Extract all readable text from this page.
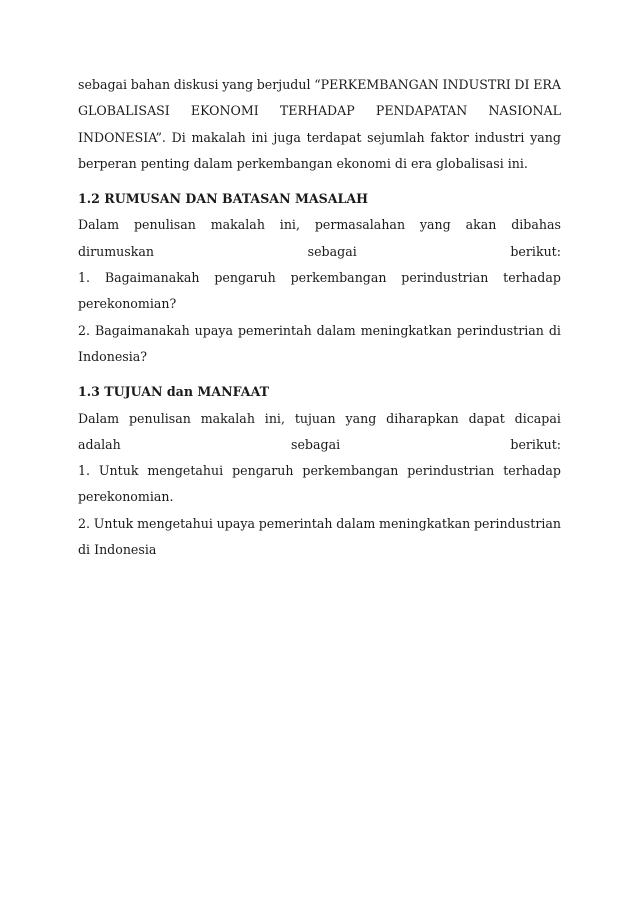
sebagai bahan diskusi yang berjudul “PERKEMBANGAN INDUSTRI DI ERA
GLOBALISASI EKONOMI TERHADAP PENDAPATAN NASIONAL
INDONESIA”. Di makalah ini juga terdapat sejumlah faktor industri yang
berperan penting dalam perkembangan ekonomi di era globalisasi ini.
1.2 RUMUSAN DAN BATASAN MASALAH
Dalam penulisan makalah ini, permasalahan yang akan dibahas
dirumuskan	sebagai	berikut:
1. Bagaimanakah pengaruh perkembangan perindustrian terhadap
perekonomian?
2. Bagaimanakah upaya pemerintah dalam meningkatkan perindustrian di
Indonesia?
1.3 TUJUAN dan MANFAAT
Dalam penulisan makalah ini, tujuan yang diharapkan dapat dicapai
adalah	sebagai	berikut:
1. Untuk mengetahui pengaruh perkembangan perindustrian terhadap
perekonomian.
2. Untuk mengetahui upaya pemerintah dalam meningkatkan perindustrian
di Indonesia
